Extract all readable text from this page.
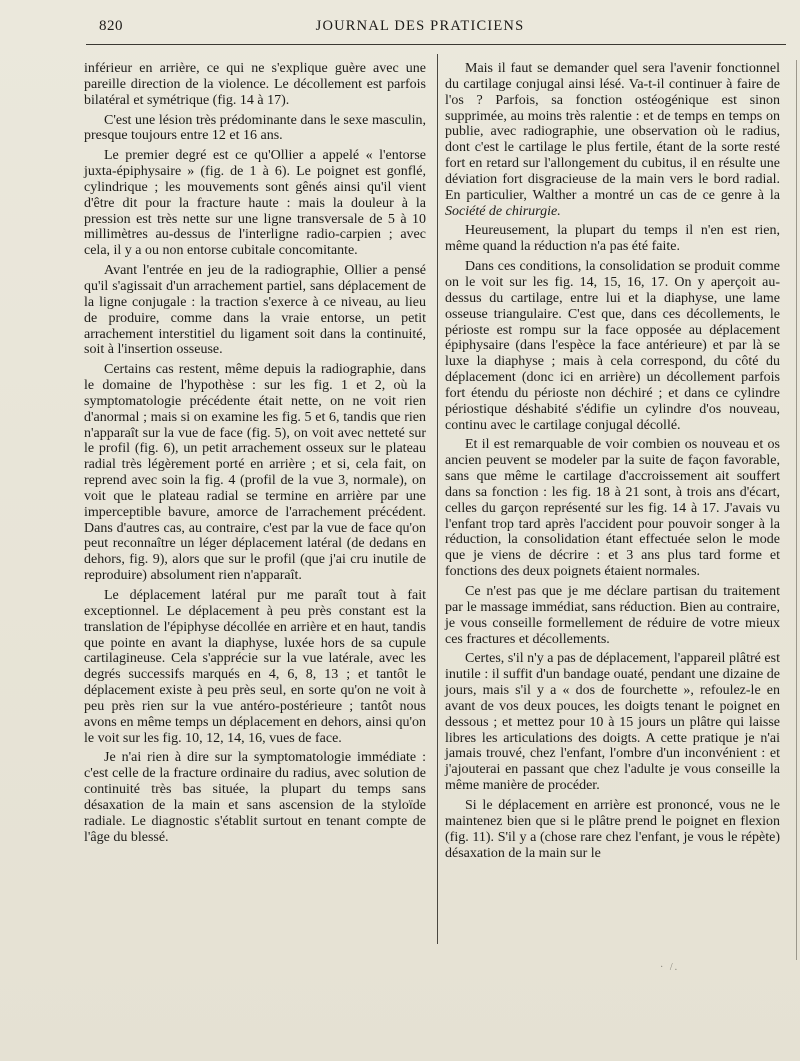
820	JOURNAL DES PRATICIENS

inférieur en arrière, ce qui ne s'explique guère avec une pareille direction de la violence. Le décollement est parfois bilatéral et symétrique (fig. 14 à 17).

C'est une lésion très prédominante dans le sexe masculin, presque toujours entre 12 et 16 ans.

Le premier degré est ce qu'Ollier a appelé « l'entorse juxta-épiphysaire » (fig. de 1 à 6). Le poignet est gonflé, cylindrique ; les mouvements sont gênés ainsi qu'il vient d'être dit pour la fracture haute : mais la douleur à la pression est très nette sur une ligne transversale de 5 à 10 millimètres au-dessus de l'interligne radio-carpien ; avec cela, il y a ou non entorse cubitale concomitante.

Avant l'entrée en jeu de la radiographie, Ollier a pensé qu'il s'agissait d'un arrachement partiel, sans déplacement de la ligne conjugale : la traction s'exerce à ce niveau, au lieu de produire, comme dans la vraie entorse, un petit arrachement interstitiel du ligament soit dans la continuité, soit à l'insertion osseuse.

Certains cas restent, même depuis la radiographie, dans le domaine de l'hypothèse : sur les fig. 1 et 2, où la symptomatologie précédente était nette, on ne voit rien d'anormal ; mais si on examine les fig. 5 et 6, tandis que rien n'apparaît sur la vue de face (fig. 5), on voit avec netteté sur le profil (fig. 6), un petit arrachement osseux sur le plateau radial très légèrement porté en arrière ; et si, cela fait, on reprend avec soin la fig. 4 (profil de la vue 3, normale), on voit que le plateau radial se termine en arrière par une imperceptible bavure, amorce de l'arrachement précédent. Dans d'autres cas, au contraire, c'est par la vue de face qu'on peut reconnaître un léger déplacement latéral (de dedans en dehors, fig. 9), alors que sur le profil (que j'ai cru inutile de reproduire) absolument rien n'apparaît.

Le déplacement latéral pur me paraît tout à fait exceptionnel. Le déplacement à peu près constant est la translation de l'épiphyse décollée en arrière et en haut, tandis que pointe en avant la diaphyse, luxée hors de sa cupule cartilagineuse. Cela s'apprécie sur la vue latérale, avec les degrés successifs marqués en 4, 6, 8, 13 ; et tantôt le déplacement existe à peu près seul, en sorte qu'on ne voit à peu près rien sur la vue antéro-postérieure ; tantôt nous avons en même temps un déplacement en dehors, ainsi qu'on le voit sur les fig. 10, 12, 14, 16, vues de face.

Je n'ai rien à dire sur la symptomatologie immédiate : c'est celle de la fracture ordinaire du radius, avec solution de continuité très bas située, la plupart du temps sans désaxation de la main et sans ascension de la styloïde radiale. Le diagnostic s'établit surtout en tenant compte de l'âge du blessé.

Mais il faut se demander quel sera l'avenir fonctionnel du cartilage conjugal ainsi lésé. Va-t-il continuer à faire de l'os ? Parfois, sa fonction ostéogénique est sinon supprimée, au moins très ralentie : et de temps en temps on publie, avec radiographie, une observation où le radius, dont c'est le cartilage le plus fertile, étant de la sorte resté fort en retard sur l'allongement du cubitus, il en résulte une déviation fort disgracieuse de la main vers le bord radial. En particulier, Walther a montré un cas de ce genre à la Société de chirurgie.

Heureusement, la plupart du temps il n'en est rien, même quand la réduction n'a pas été faite.

Dans ces conditions, la consolidation se produit comme on le voit sur les fig. 14, 15, 16, 17. On y aperçoit au-dessus du cartilage, entre lui et la diaphyse, une lame osseuse triangulaire. C'est que, dans ces décollements, le périoste est rompu sur la face opposée au déplacement épiphysaire (dans l'espèce la face antérieure) et par là se luxe la diaphyse ; mais à cela correspond, du côté du déplacement (donc ici en arrière) un décollement parfois fort étendu du périoste non déchiré ; et dans ce cylindre périostique déshabité s'édifie un cylindre d'os nouveau, continu avec le cartilage conjugal décollé.

Et il est remarquable de voir combien os nouveau et os ancien peuvent se modeler par la suite de façon favorable, sans que même le cartilage d'accroissement ait souffert dans sa fonction : les fig. 18 à 21 sont, à trois ans d'écart, celles du garçon représenté sur les fig. 14 à 17. J'avais vu l'enfant trop tard après l'accident pour pouvoir songer à la réduction, la consolidation étant effectuée selon le mode que je viens de décrire : et 3 ans plus tard forme et fonctions des deux poignets étaient normales.

Ce n'est pas que je me déclare partisan du traitement par le massage immédiat, sans réduction. Bien au contraire, je vous conseille formellement de réduire de votre mieux ces fractures et décollements.

Certes, s'il n'y a pas de déplacement, l'appareil plâtré est inutile : il suffit d'un bandage ouaté, pendant une dizaine de jours, mais s'il y a « dos de fourchette », refoulez-le en avant de vos deux pouces, les doigts tenant le poignet en dessous ; et mettez pour 10 à 15 jours un plâtre qui laisse libres les articulations des doigts. A cette pratique je n'ai jamais trouvé, chez l'enfant, l'ombre d'un inconvénient : et j'ajouterai en passant que chez l'adulte je vous conseille la même manière de procéder.

Si le déplacement en arrière est prononcé, vous ne le maintenez bien que si le plâtre prend le poignet en flexion (fig. 11). S'il y a (chose rare chez l'enfant, je vous le répète) désaxation de la main sur le

· /.
